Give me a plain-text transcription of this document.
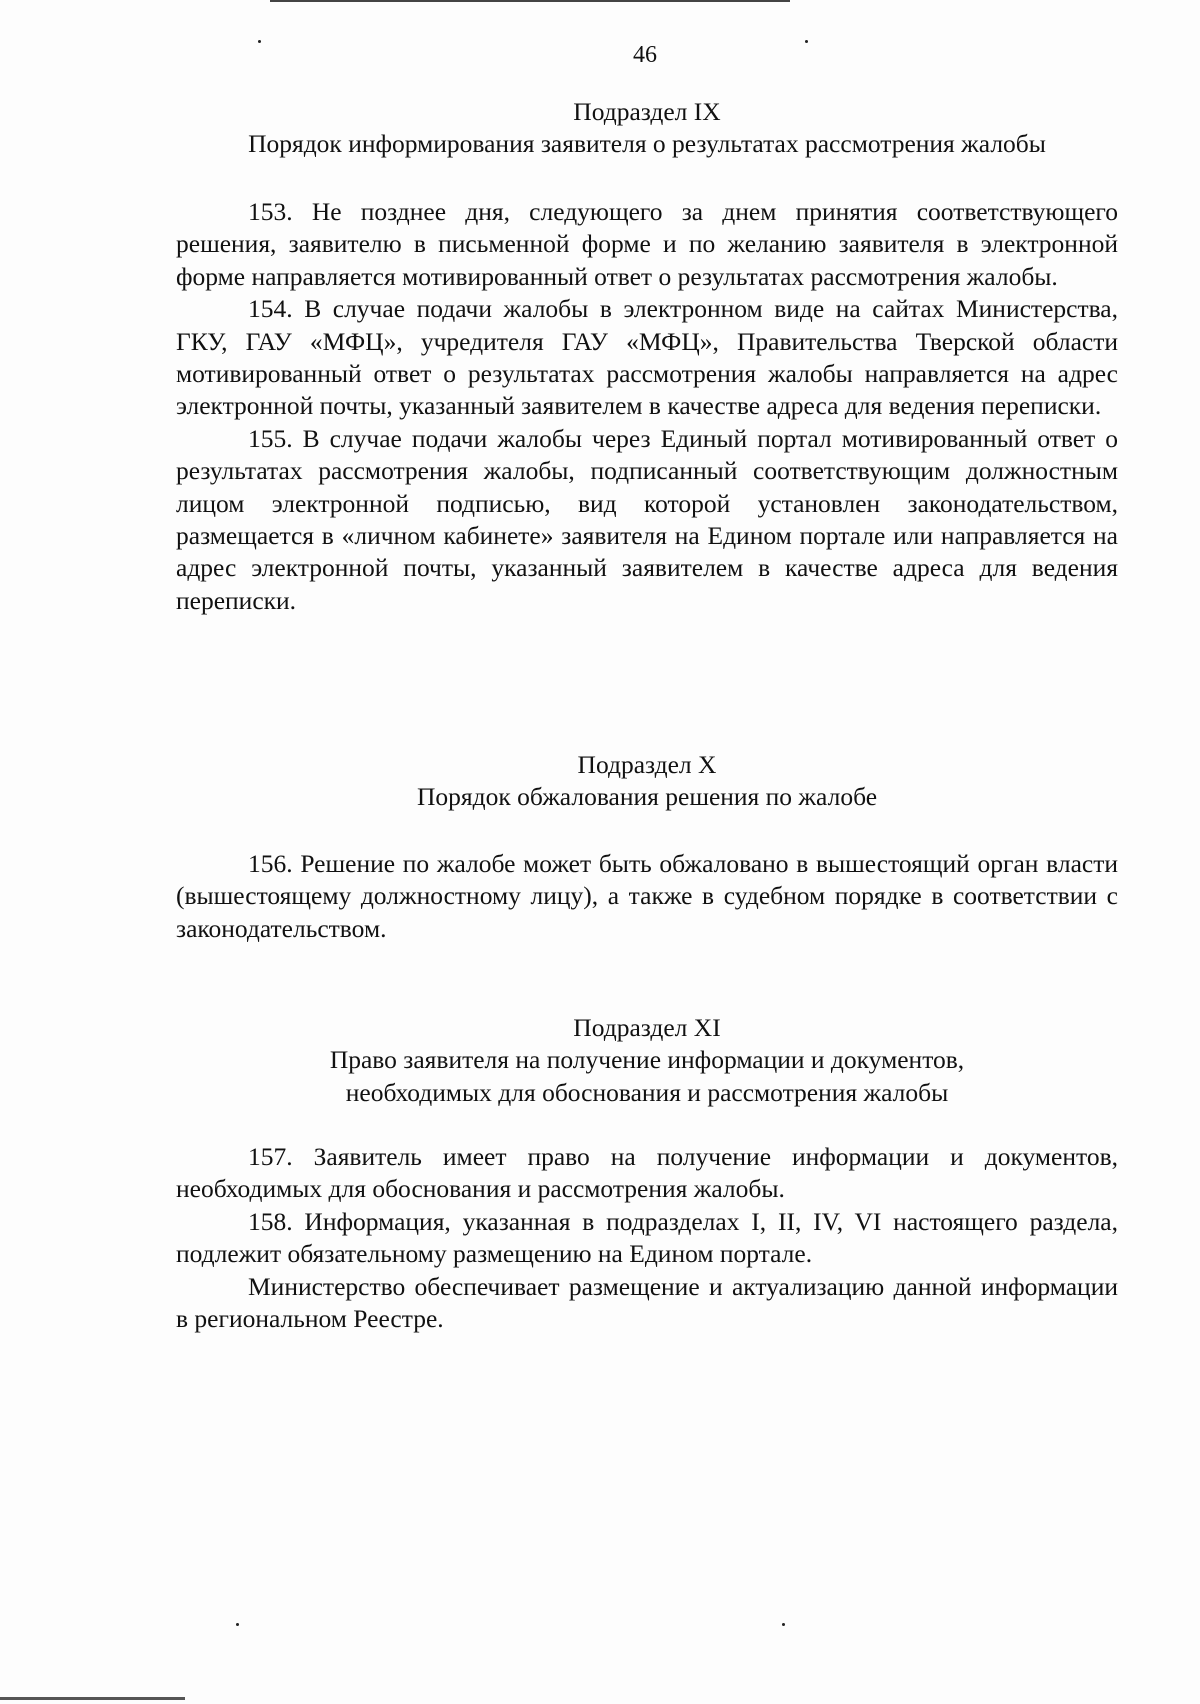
46

Подраздел IX

Порядок информирования заявителя о результатах рассмотрения жалобы

153. Не позднее дня, следующего за днем принятия соответствующего решения, заявителю в письменной форме и по желанию заявителя в электронной форме направляется мотивированный ответ о результатах рассмотрения жалобы.

154. В случае подачи жалобы в электронном виде на сайтах Министерства, ГКУ, ГАУ «МФЦ», учредителя ГАУ «МФЦ», Правительства Тверской области мотивированный ответ о результатах рассмотрения жалобы направляется на адрес электронной почты, указанный заявителем в качестве адреса для ведения переписки.

155. В случае подачи жалобы через Единый портал мотивированный ответ о результатах рассмотрения жалобы, подписанный соответствующим должностным лицом электронной подписью, вид которой установлен законодательством, размещается в «личном кабинете» заявителя на Едином портале или направляется на адрес электронной почты, указанный заявителем в качестве адреса для ведения переписки.

Подраздел X

Порядок обжалования решения по жалобе

156. Решение по жалобе может быть обжаловано в вышестоящий орган власти (вышестоящему должностному лицу), а также в судебном порядке в соответствии с законодательством.

Подраздел XI

Право заявителя на получение информации и документов,

необходимых для обоснования и рассмотрения жалобы

157. Заявитель имеет право на получение информации и документов, необходимых для обоснования и рассмотрения жалобы.

158. Информация, указанная в подразделах I, II, IV, VI настоящего раздела, подлежит обязательному размещению на Едином портале.

Министерство обеспечивает размещение и актуализацию данной информации в региональном Реестре.
